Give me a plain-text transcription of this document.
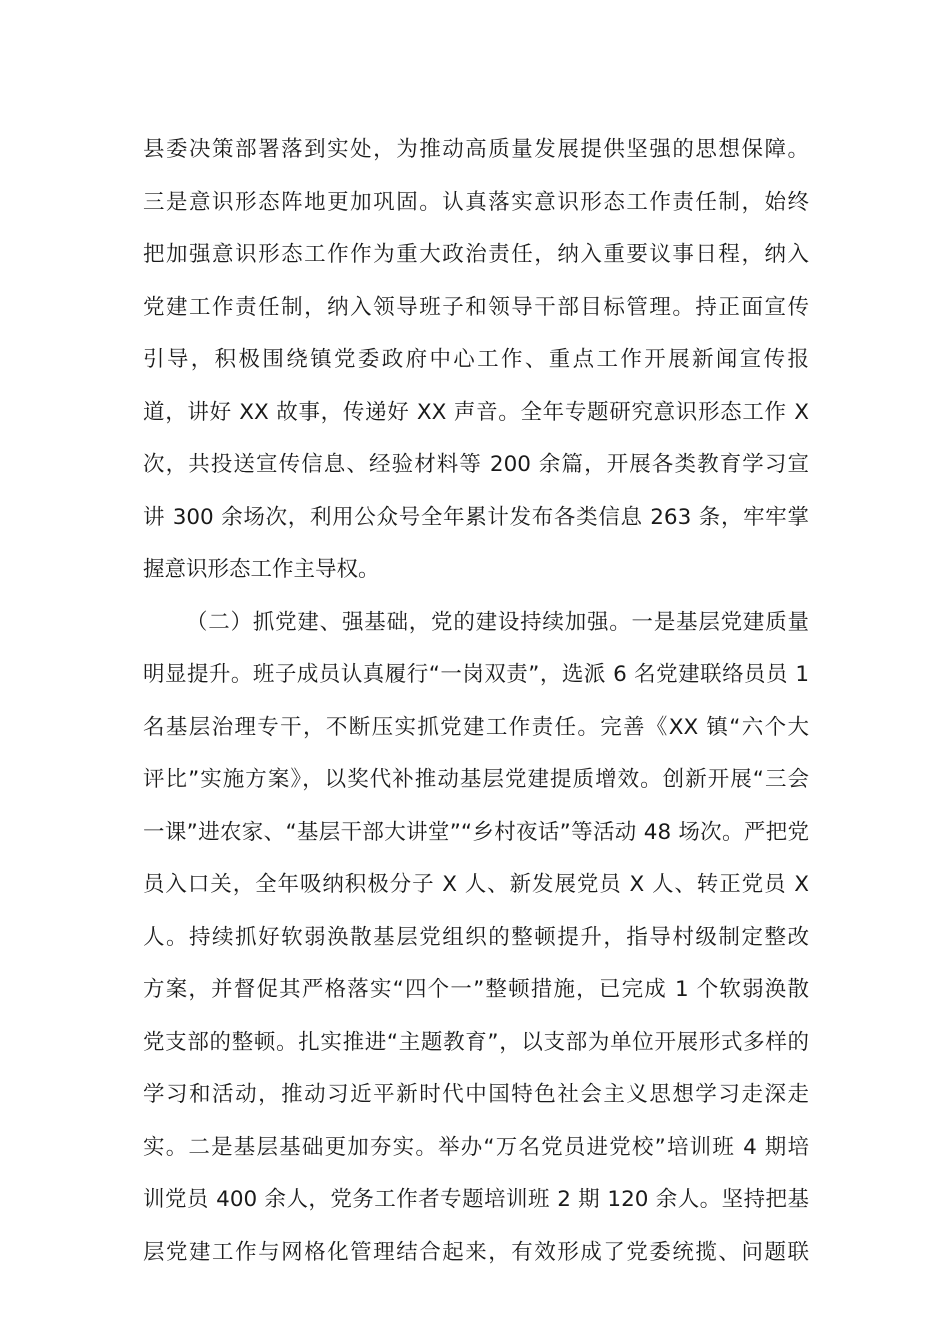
县委决策部署落到实处，为推动高质量发展提供坚强的思想保障。
三是意识形态阵地更加巩固。认真落实意识形态工作责任制，始终
把加强意识形态工作作为重大政治责任，纳入重要议事日程，纳入
党建工作责任制，纳入领导班子和领导干部目标管理。持正面宣传
引导，积极围绕镇党委政府中心工作、重点工作开展新闻宣传报
道，讲好 XX 故事，传递好 XX 声音。全年专题研究意识形态工作 X
次，共投送宣传信息、经验材料等 200 余篇，开展各类教育学习宣
讲 300 余场次，利用公众号全年累计发布各类信息 263 条，牢牢掌
握意识形态工作主导权。
（二）抓党建、强基础，党的建设持续加强。一是基层党建质量
明显提升。班子成员认真履行“一岗双责”，选派 6 名党建联络员员 1
名基层治理专干，不断压实抓党建工作责任。完善《XX 镇“六个大
评比”实施方案》，以奖代补推动基层党建提质增效。创新开展“三会
一课”进农家、“基层干部大讲堂”“乡村夜话”等活动 48 场次。严把党
员入口关，全年吸纳积极分子 X 人、新发展党员 X 人、转正党员 X
人。持续抓好软弱涣散基层党组织的整顿提升，指导村级制定整改
方案，并督促其严格落实“四个一”整顿措施，已完成 1 个软弱涣散
党支部的整顿。扎实推进“主题教育”，以支部为单位开展形式多样的
学习和活动，推动习近平新时代中国特色社会主义思想学习走深走
实。二是基层基础更加夯实。举办“万名党员进党校”培训班 4 期培
训党员 400 余人，党务工作者专题培训班 2 期 120 余人。坚持把基
层党建工作与网格化管理结合起来，有效形成了党委统揽、问题联
